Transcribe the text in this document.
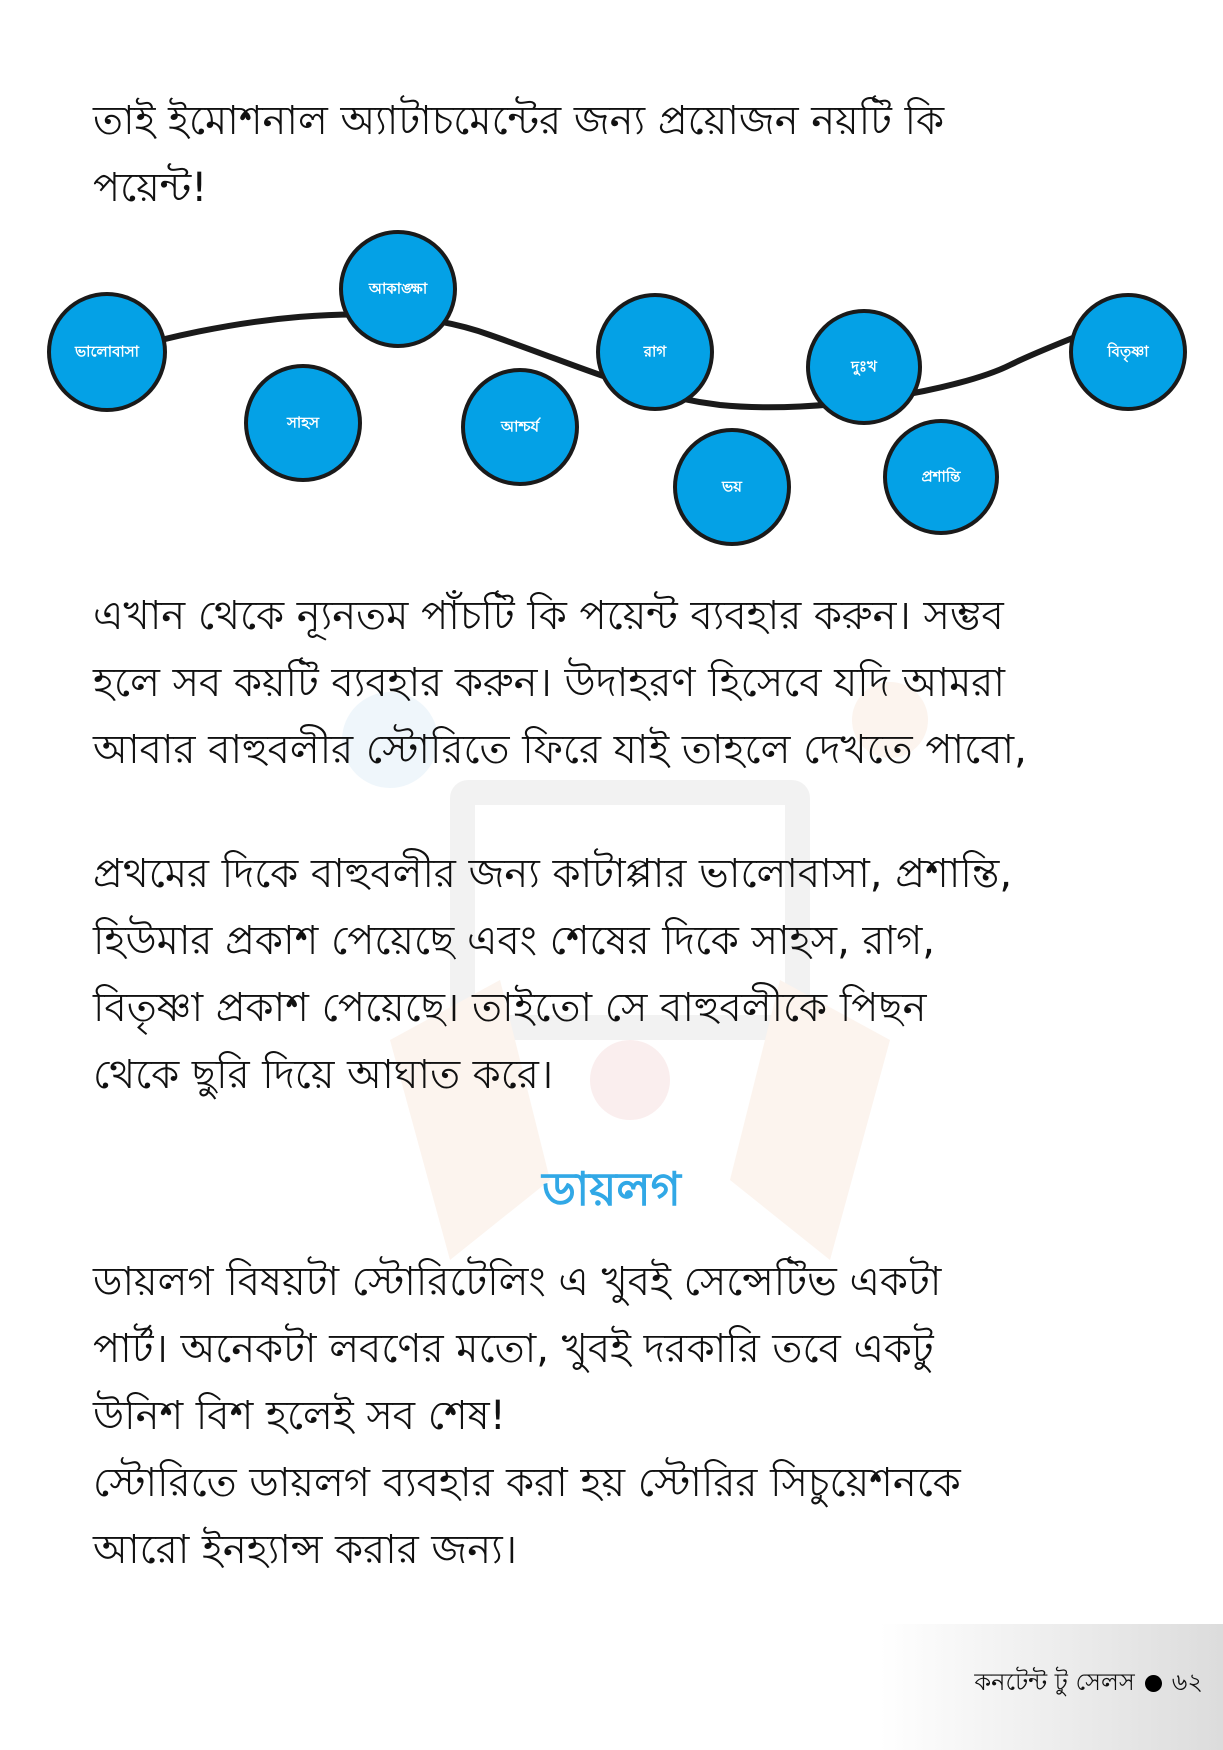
তাই ইমোশনাল অ্যাটাচমেন্টের জন্য প্রয়োজন নয়টি কি
পয়েন্ট!

ভালোবাসা
সাহস
আকাঙ্ক্ষা
আশ্চর্য
রাগ
ভয়
দুঃখ
প্রশান্তি
বিতৃষ্ণা

এখান থেকে ন্যূনতম পাঁচটি কি পয়েন্ট ব্যবহার করুন। সম্ভব
হলে সব কয়টি ব্যবহার করুন। উদাহরণ হিসেবে যদি আমরা
আবার বাহুবলীর স্টোরিতে ফিরে যাই তাহলে দেখতে পাবো,

প্রথমের দিকে বাহুবলীর জন্য কাটাপ্পার ভালোবাসা, প্রশান্তি,
হিউমার প্রকাশ পেয়েছে এবং শেষের দিকে সাহস, রাগ,
বিতৃষ্ণা প্রকাশ পেয়েছে। তাইতো সে বাহুবলীকে পিছন
থেকে ছুরি দিয়ে আঘাত করে।

ডায়লগ

ডায়লগ বিষয়টা স্টোরিটেলিং এ খুবই সেন্সেটিভ একটা
পার্ট। অনেকটা লবণের মতো, খুবই দরকারি তবে একটু
উনিশ বিশ হলেই সব শেষ!
স্টোরিতে ডায়লগ ব্যবহার করা হয় স্টোরির সিচুয়েশনকে
আরো ইনহ্যান্স করার জন্য।

কনটেন্ট টু সেলস ৬২
